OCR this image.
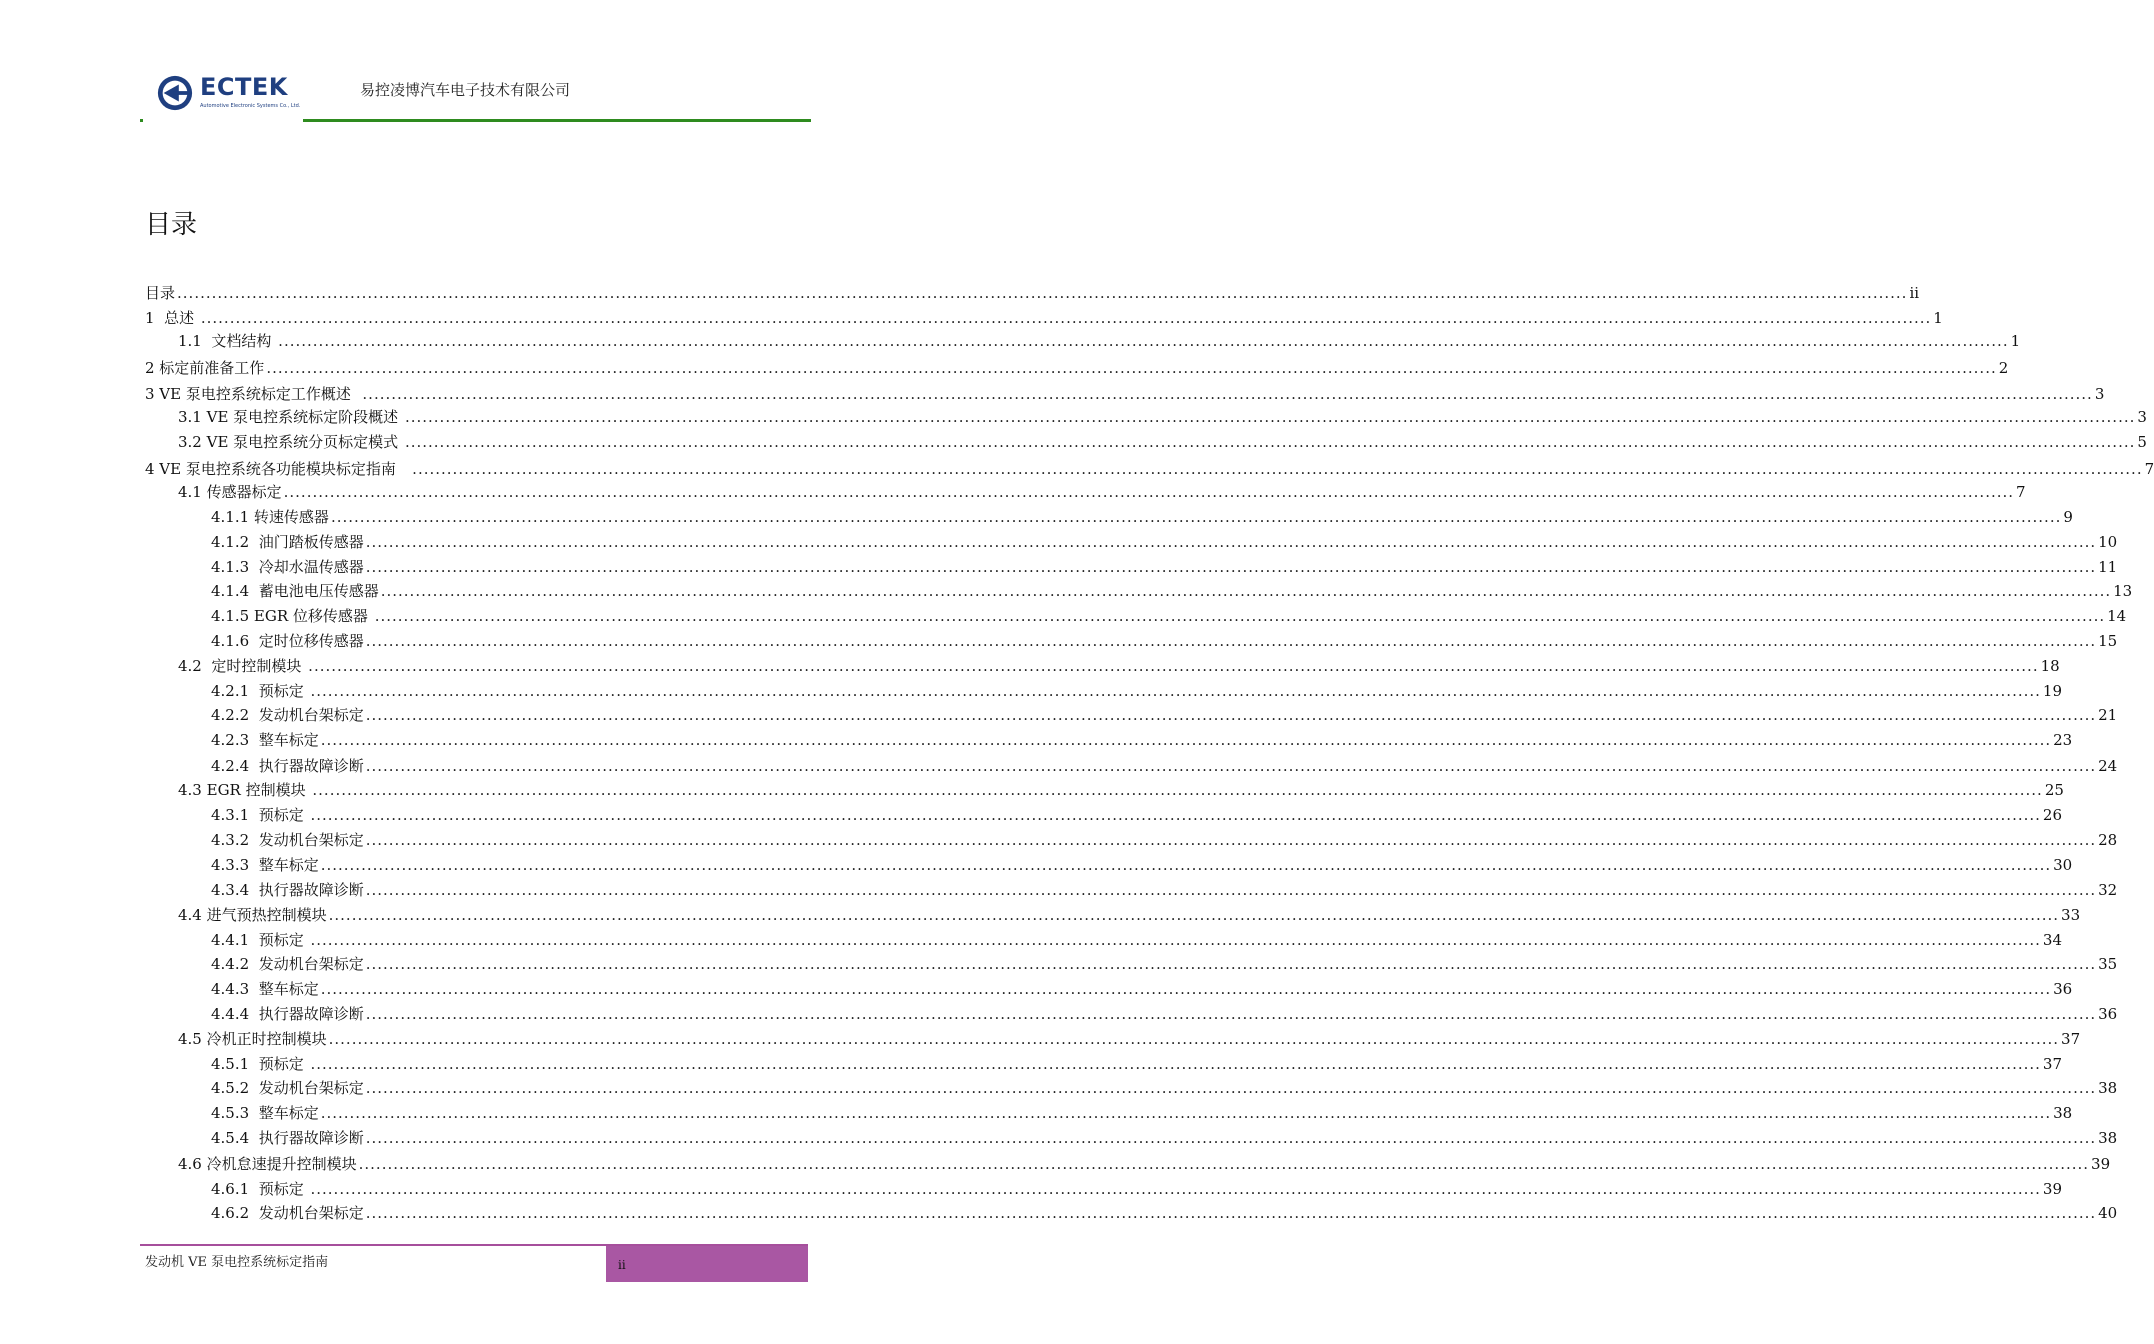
ECTEK
Automotive Electronic Systems Co., Ltd.
易控凌博汽车电子技术有限公司
目录
目录 ............................................................................................................................................................................................................................................................................................................ ii
1  总述 ............................................................................................................................................................................................................................................................................................................ 1
1.1  文档结构 ............................................................................................................................................................................................................................................................................................................ 1
2 标定前准备工作 ............................................................................................................................................................................................................................................................................................................ 2
3 VE 泵电控系统标定工作概述 ............................................................................................................................................................................................................................................................................................................ 3
3.1 VE 泵电控系统标定阶段概述 ............................................................................................................................................................................................................................................................................................................ 3
3.2 VE 泵电控系统分页标定模式 ............................................................................................................................................................................................................................................................................................................ 5
4 VE 泵电控系统各功能模块标定指南 ............................................................................................................................................................................................................................................................................................................ 7
4.1 传感器标定 ............................................................................................................................................................................................................................................................................................................ 7
4.1.1 转速传感器 ............................................................................................................................................................................................................................................................................................................ 9
4.1.2  油门踏板传感器 ............................................................................................................................................................................................................................................................................................................ 10
4.1.3  冷却水温传感器 ............................................................................................................................................................................................................................................................................................................ 11
4.1.4  蓄电池电压传感器 ............................................................................................................................................................................................................................................................................................................ 13
4.1.5 EGR 位移传感器 ............................................................................................................................................................................................................................................................................................................ 14
4.1.6  定时位移传感器 ............................................................................................................................................................................................................................................................................................................ 15
4.2  定时控制模块 ............................................................................................................................................................................................................................................................................................................ 18
4.2.1  预标定 ............................................................................................................................................................................................................................................................................................................ 19
4.2.2  发动机台架标定 ............................................................................................................................................................................................................................................................................................................ 21
4.2.3  整车标定 ............................................................................................................................................................................................................................................................................................................ 23
4.2.4  执行器故障诊断 ............................................................................................................................................................................................................................................................................................................ 24
4.3 EGR 控制模块 ............................................................................................................................................................................................................................................................................................................ 25
4.3.1  预标定 ............................................................................................................................................................................................................................................................................................................ 26
4.3.2  发动机台架标定 ............................................................................................................................................................................................................................................................................................................ 28
4.3.3  整车标定 ............................................................................................................................................................................................................................................................................................................ 30
4.3.4  执行器故障诊断 ............................................................................................................................................................................................................................................................................................................ 32
4.4 进气预热控制模块 ............................................................................................................................................................................................................................................................................................................ 33
4.4.1  预标定 ............................................................................................................................................................................................................................................................................................................ 34
4.4.2  发动机台架标定 ............................................................................................................................................................................................................................................................................................................ 35
4.4.3  整车标定 ............................................................................................................................................................................................................................................................................................................ 36
4.4.4  执行器故障诊断 ............................................................................................................................................................................................................................................................................................................ 36
4.5 冷机正时控制模块 ............................................................................................................................................................................................................................................................................................................ 37
4.5.1  预标定 ............................................................................................................................................................................................................................................................................................................ 37
4.5.2  发动机台架标定 ............................................................................................................................................................................................................................................................................................................ 38
4.5.3  整车标定 ............................................................................................................................................................................................................................................................................................................ 38
4.5.4  执行器故障诊断 ............................................................................................................................................................................................................................................................................................................ 38
4.6 冷机怠速提升控制模块 ............................................................................................................................................................................................................................................................................................................ 39
4.6.1  预标定 ............................................................................................................................................................................................................................................................................................................ 39
4.6.2  发动机台架标定 ............................................................................................................................................................................................................................................................................................................ 40
发动机 VE 泵电控系统标定指南	ii
